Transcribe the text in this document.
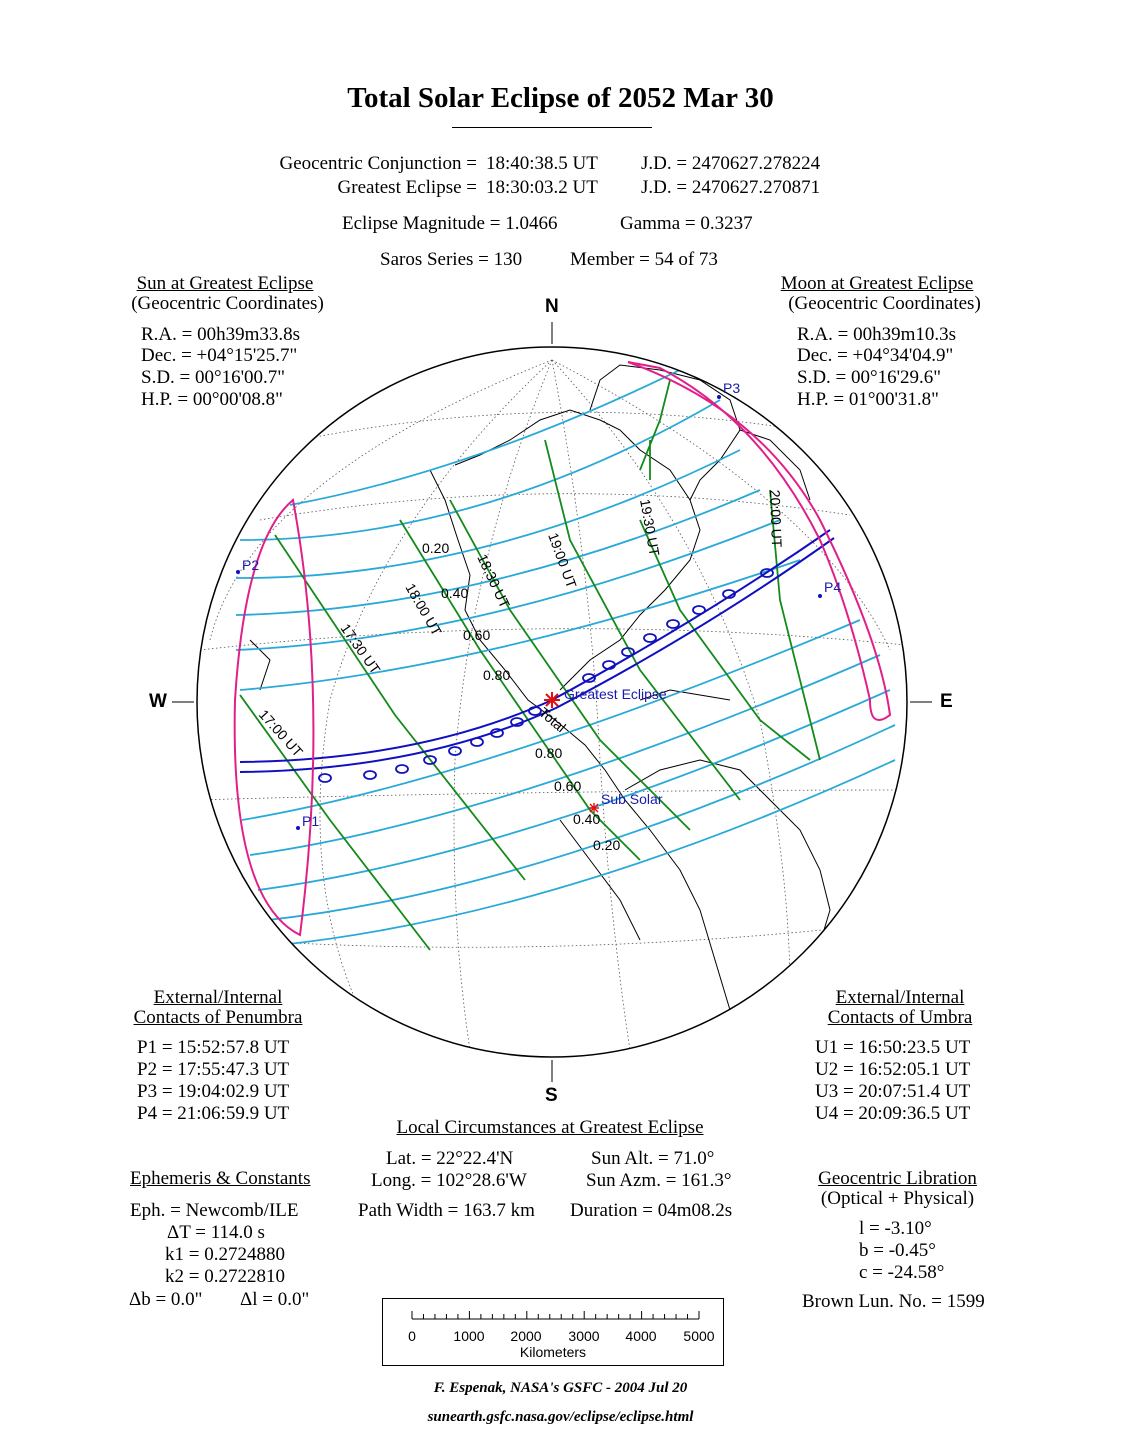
Total Solar Eclipse of 2052 Mar 30
Geocentric Conjunction = 18:40:38.5 UT J.D. = 2470627.278224
Greatest Eclipse = 18:30:03.2 UT J.D. = 2470627.270871
Eclipse Magnitude = 1.0466	Gamma = 0.3237
Saros Series = 130	Member = 54 of 73
Sun at Greatest Eclipse
(Geocentric Coordinates)
R.A. = 00h39m33.8s
Dec. = +04°15'25.7"
S.D. = 00°16'00.7"
H.P. = 00°00'08.8"
Moon at Greatest Eclipse
(Geocentric Coordinates)
R.A. = 00h39m10.3s
Dec. = +04°34'04.9"
S.D. = 00°16'29.6"
H.P. = 01°00'31.8"
N
S
W	E
P2
P1
P3
P4
Greatest Eclipse
Sub Solar
0.20
0.40
0.60
0.80
0.80
0.60
0.40
0.20
Total
17:00 UT
17:30 UT
18:00 UT 18:30 UT 19:00 UT
19:30 UT	20:00 UT
External/Internal
Contacts of Penumbra
P1 = 15:52:57.8 UT
P2 = 17:55:47.3 UT
P3 = 19:04:02.9 UT
P4 = 21:06:59.9 UT
External/Internal
Contacts of Umbra
U1 = 16:50:23.5 UT
U2 = 16:52:05.1 UT
U3 = 20:07:51.4 UT
U4 = 20:09:36.5 UT
Local Circumstances at Greatest Eclipse
Lat. = 22°22.4'N
Long. = 102°28.6'W
Sun Alt. = 71.0°
Sun Azm. = 161.3°
Path Width = 163.7 km Duration = 04m08.2s
Ephemeris & Constants
Eph. = Newcomb/ILE
ΔT = 114.0 s
k1 = 0.2724880
k2 = 0.2722810
Δb = 0.0" Δl = 0.0"
Geocentric Libration
(Optical + Physical)
l = -3.10°
b = -0.45°
c = -24.58°
Brown Lun. No. = 1599
0	1000 2000 3000 4000 5000
Kilometers
F. Espenak, NASA's GSFC - 2004 Jul 20
sunearth.gsfc.nasa.gov/eclipse/eclipse.html
